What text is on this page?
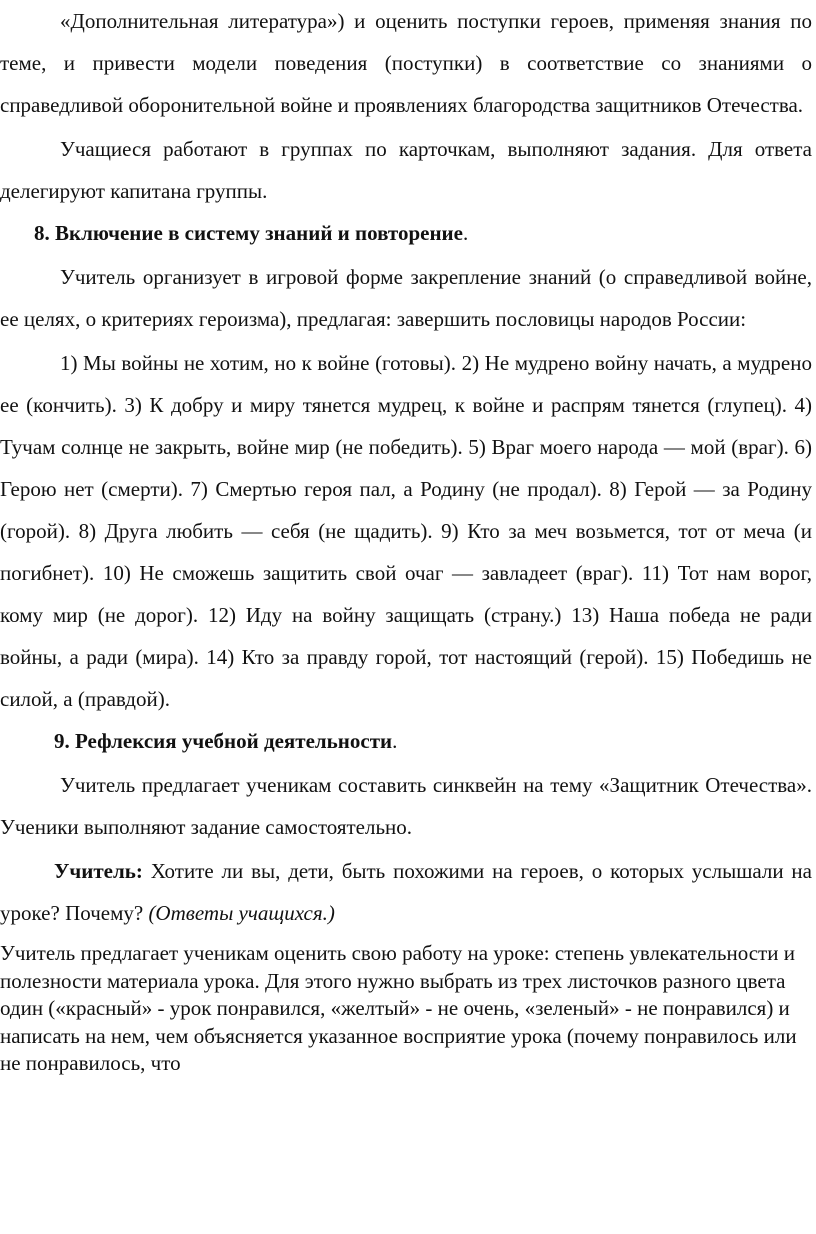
«Дополнительная литература») и оценить поступки героев, применяя знания по теме, и привести модели поведения (поступки) в соответствие со знаниями о справедливой оборонительной войне и проявлениях благородства защитников Отечества.

Учащиеся работают в группах по карточкам, выполняют задания. Для ответа делегируют капитана группы.

8. Включение в систему знаний и повторение.

Учитель организует в игровой форме закрепление знаний (о справедливой войне, ее целях, о критериях героизма), предлагая: завершить пословицы народов России:

1) Мы войны не хотим, но к войне (готовы). 2) Не мудрено войну начать, а мудрено ее (кончить). 3) К добру и миру тянется мудрец, к войне и распрям тянется (глупец). 4) Тучам солнце не закрыть, войне мир (не победить). 5) Враг моего народа — мой (враг). 6) Герою нет (смерти). 7) Смертью героя пал, а Родину (не продал). 8) Герой — за Родину (горой). 8) Друга любить — себя (не щадить). 9) Кто за меч возьмется, тот от меча (и погибнет). 10) Не сможешь защитить свой очаг — завладеет (враг). 11) Тот нам ворог, кому мир (не дорог). 12) Иду на войну защищать (страну.) 13) Наша победа не ради войны, а ради (мира). 14) Кто за правду горой, тот настоящий (герой). 15) Победишь не силой, а (правдой).

9. Рефлексия учебной деятельности.

Учитель предлагает ученикам составить синквейн на тему «Защитник Отечества». Ученики выполняют задание самостоятельно.

Учитель: Хотите ли вы, дети, быть похожими на героев, о которых услышали на уроке? Почему? (Ответы учащихся.)

Учитель предлагает ученикам оценить свою работу на уроке: степень увлекательности и полезности материала урока. Для этого нужно выбрать из трех листочков разного цвета один («красный» - урок понравился, «желтый» - не очень, «зеленый» - не понравился) и написать на нем, чем объясняется указанное восприятие урока (почему понравилось или не понравилось, что
